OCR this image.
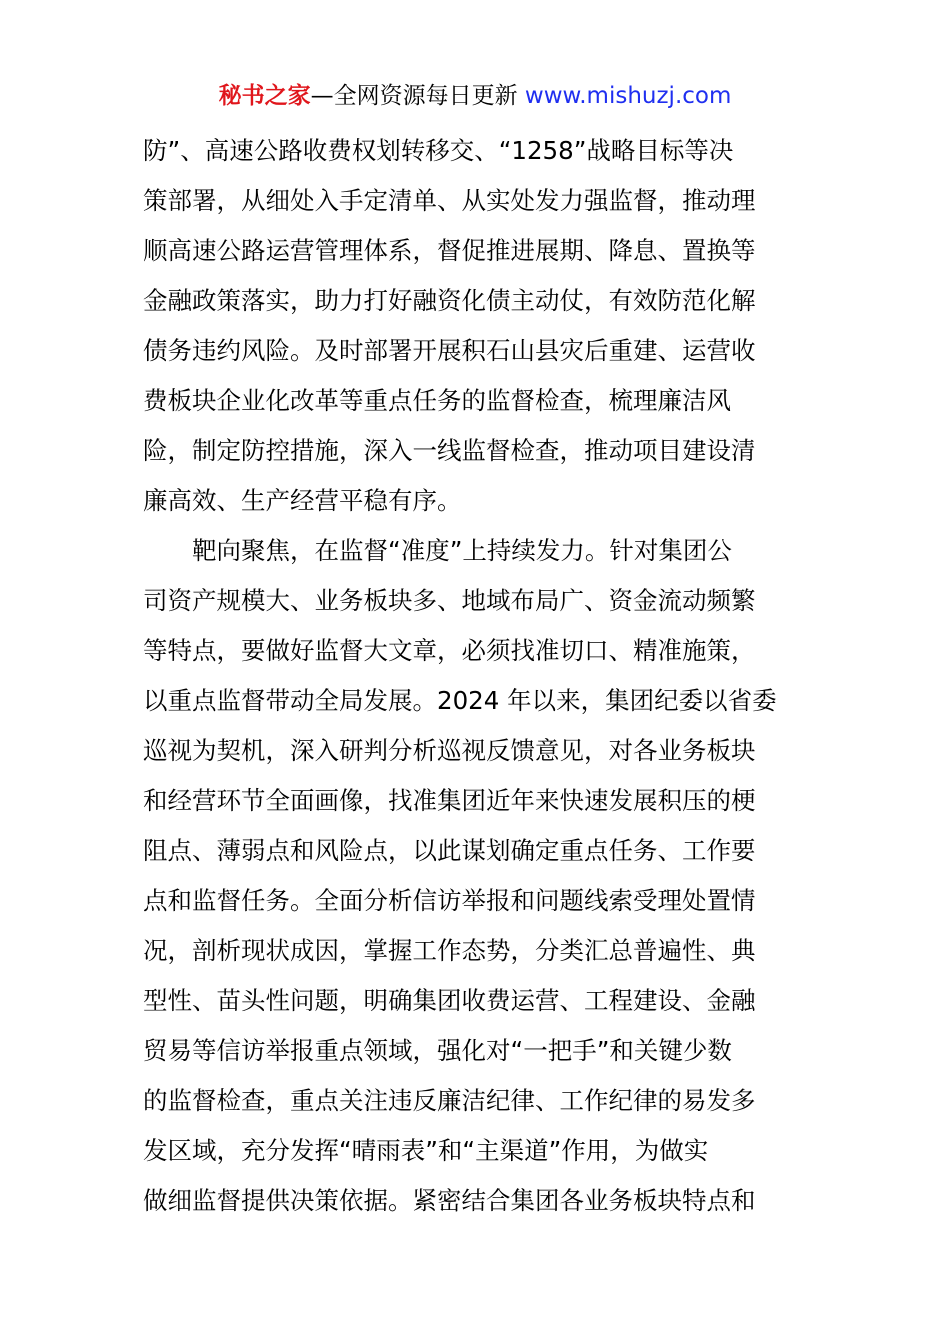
秘书之家—全网资源每日更新 www.mishuzj.com
防”、高速公路收费权划转移交、“1258”战略目标等决
策部署，从细处入手定清单、从实处发力强监督，推动理
顺高速公路运营管理体系，督促推进展期、降息、置换等
金融政策落实，助力打好融资化债主动仗，有效防范化解
债务违约风险。及时部署开展积石山县灾后重建、运营收
费板块企业化改革等重点任务的监督检查，梳理廉洁风
险，制定防控措施，深入一线监督检查，推动项目建设清
廉高效、生产经营平稳有序。
靶向聚焦，在监督“准度”上持续发力。针对集团公
司资产规模大、业务板块多、地域布局广、资金流动频繁
等特点，要做好监督大文章，必须找准切口、精准施策，
以重点监督带动全局发展。2024 年以来，集团纪委以省委
巡视为契机，深入研判分析巡视反馈意见，对各业务板块
和经营环节全面画像，找准集团近年来快速发展积压的梗
阻点、薄弱点和风险点，以此谋划确定重点任务、工作要
点和监督任务。全面分析信访举报和问题线索受理处置情
况，剖析现状成因，掌握工作态势，分类汇总普遍性、典
型性、苗头性问题，明确集团收费运营、工程建设、金融
贸易等信访举报重点领域，强化对“一把手”和关键少数
的监督检查，重点关注违反廉洁纪律、工作纪律的易发多
发区域，充分发挥“晴雨表”和“主渠道”作用，为做实
做细监督提供决策依据。紧密结合集团各业务板块特点和
